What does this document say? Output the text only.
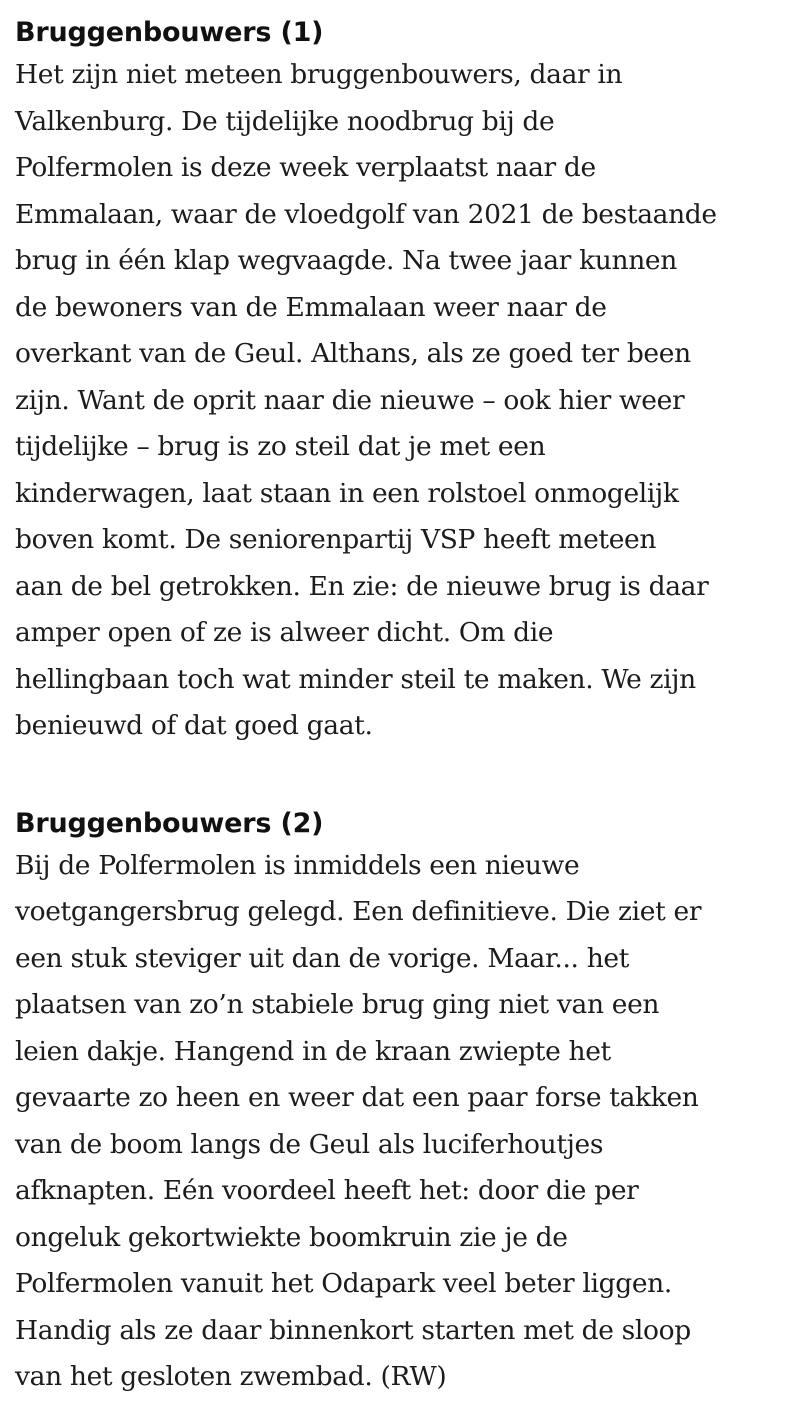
Bruggenbouwers (1)

Het zijn niet meteen bruggenbouwers, daar in
Valkenburg. De tijdelijke noodbrug bij de
Polfermolen is deze week verplaatst naar de
Emmalaan, waar de vloedgolf van 2021 de bestaande
brug in één klap wegvaagde. Na twee jaar kunnen
de bewoners van de Emmalaan weer naar de
overkant van de Geul. Althans, als ze goed ter been
zijn. Want de oprit naar die nieuwe – ook hier weer
tijdelijke – brug is zo steil dat je met een
kinderwagen, laat staan in een rolstoel onmogelijk
boven komt. De seniorenpartij VSP heeft meteen
aan de bel getrokken. En zie: de nieuwe brug is daar
amper open of ze is alweer dicht. Om die
hellingbaan toch wat minder steil te maken. We zijn
benieuwd of dat goed gaat.

Bruggenbouwers (2)

Bij de Polfermolen is inmiddels een nieuwe
voetgangersbrug gelegd. Een definitieve. Die ziet er
een stuk steviger uit dan de vorige. Maar... het
plaatsen van zo’n stabiele brug ging niet van een
leien dakje. Hangend in de kraan zwiepte het
gevaarte zo heen en weer dat een paar forse takken
van de boom langs de Geul als luciferhoutjes
afknapten. Eén voordeel heeft het: door die per
ongeluk gekortwiekte boomkruin zie je de
Polfermolen vanuit het Odapark veel beter liggen.
Handig als ze daar binnenkort starten met de sloop
van het gesloten zwembad. (RW)
